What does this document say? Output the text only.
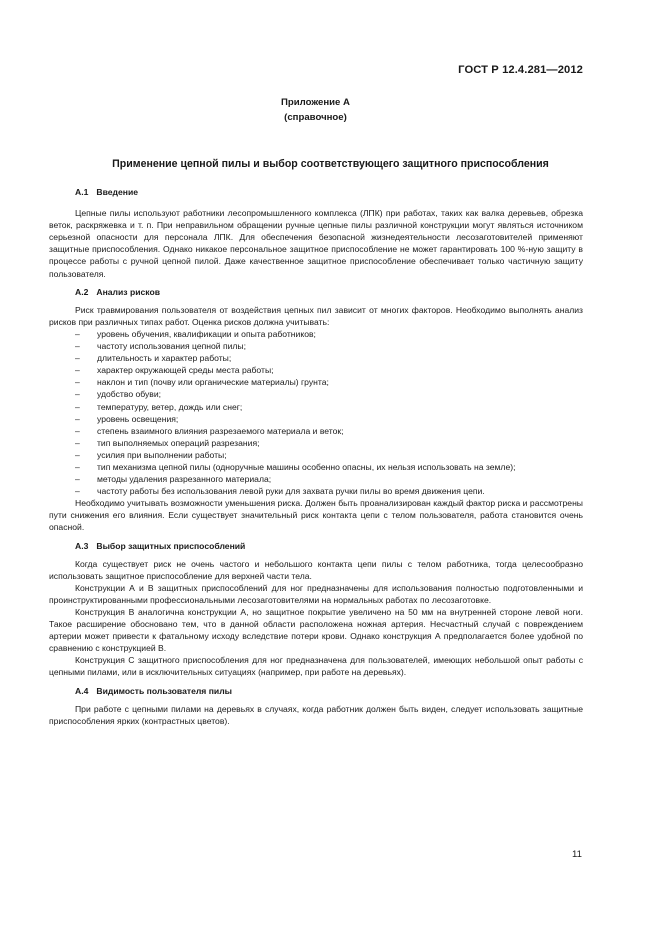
ГОСТ Р 12.4.281—2012
Приложение А
(справочное)
Применение цепной пилы и выбор соответствующего защитного приспособления
А.1 Введение

Цепные пилы используют работники лесопромышленного комплекса (ЛПК) при работах, таких как валка деревьев, обрезка веток, раскряжевка и т. п. При неправильном обращении ручные цепные пилы различной конструкции могут являться источником серьезной опасности для персонала ЛПК. Для обеспечения безопасной жизнедеятельности лесозаготовителей применяют защитные приспособления. Однако никакое персональное защитное приспособление не может гарантировать 100 %-ную защиту в процессе работы с ручной цепной пилой. Даже качественное защитное приспособление обеспечивает только частичную защиту пользователя.

А.2 Анализ рисков

Риск травмирования пользователя от воздействия цепных пил зависит от многих факторов. Необходимо выполнять анализ рисков при различных типах работ. Оценка рисков должна учитывать:

– уровень обучения, квалификации и опыта работников;
– частоту использования цепной пилы;
– длительность и характер работы;
– характер окружающей среды места работы;
– наклон и тип (почву или органические материалы) грунта;
– удобство обуви;
– температуру, ветер, дождь или снег;
– уровень освещения;
– степень взаимного влияния разрезаемого материала и веток;
– тип выполняемых операций разрезания;
– усилия при выполнении работы;
– тип механизма цепной пилы (одноручные машины особенно опасны, их нельзя использовать на земле);
– методы удаления разрезанного материала;
– частоту работы без использования левой руки для захвата ручки пилы во время движения цепи.

Необходимо учитывать возможности уменьшения риска. Должен быть проанализирован каждый фактор риска и рассмотрены пути снижения его влияния. Если существует значительный риск контакта цепи с телом пользователя, работа становится очень опасной.

А.3 Выбор защитных приспособлений

Когда существует риск не очень частого и небольшого контакта цепи пилы с телом работника, тогда целесообразно использовать защитное приспособление для верхней части тела.

Конструкции А и В защитных приспособлений для ног предназначены для использования полностью подготовленными и проинструктированными профессиональными лесозаготовителями на нормальных работах по лесозаготовке.

Конструкция В аналогична конструкции А, но защитное покрытие увеличено на 50 мм на внутренней стороне левой ноги. Такое расширение обосновано тем, что в данной области расположена ножная артерия. Несчастный случай с повреждением артерии может привести к фатальному исходу вследствие потери крови. Однако конструкция А предполагается более удобной по сравнению с конструкцией В.

Конструкция С защитного приспособления для ног предназначена для пользователей, имеющих небольшой опыт работы с цепными пилами, или в исключительных ситуациях (например, при работе на деревьях).

А.4 Видимость пользователя пилы

При работе с цепными пилами на деревьях в случаях, когда работник должен быть виден, следует использовать защитные приспособления ярких (контрастных цветов).

11
